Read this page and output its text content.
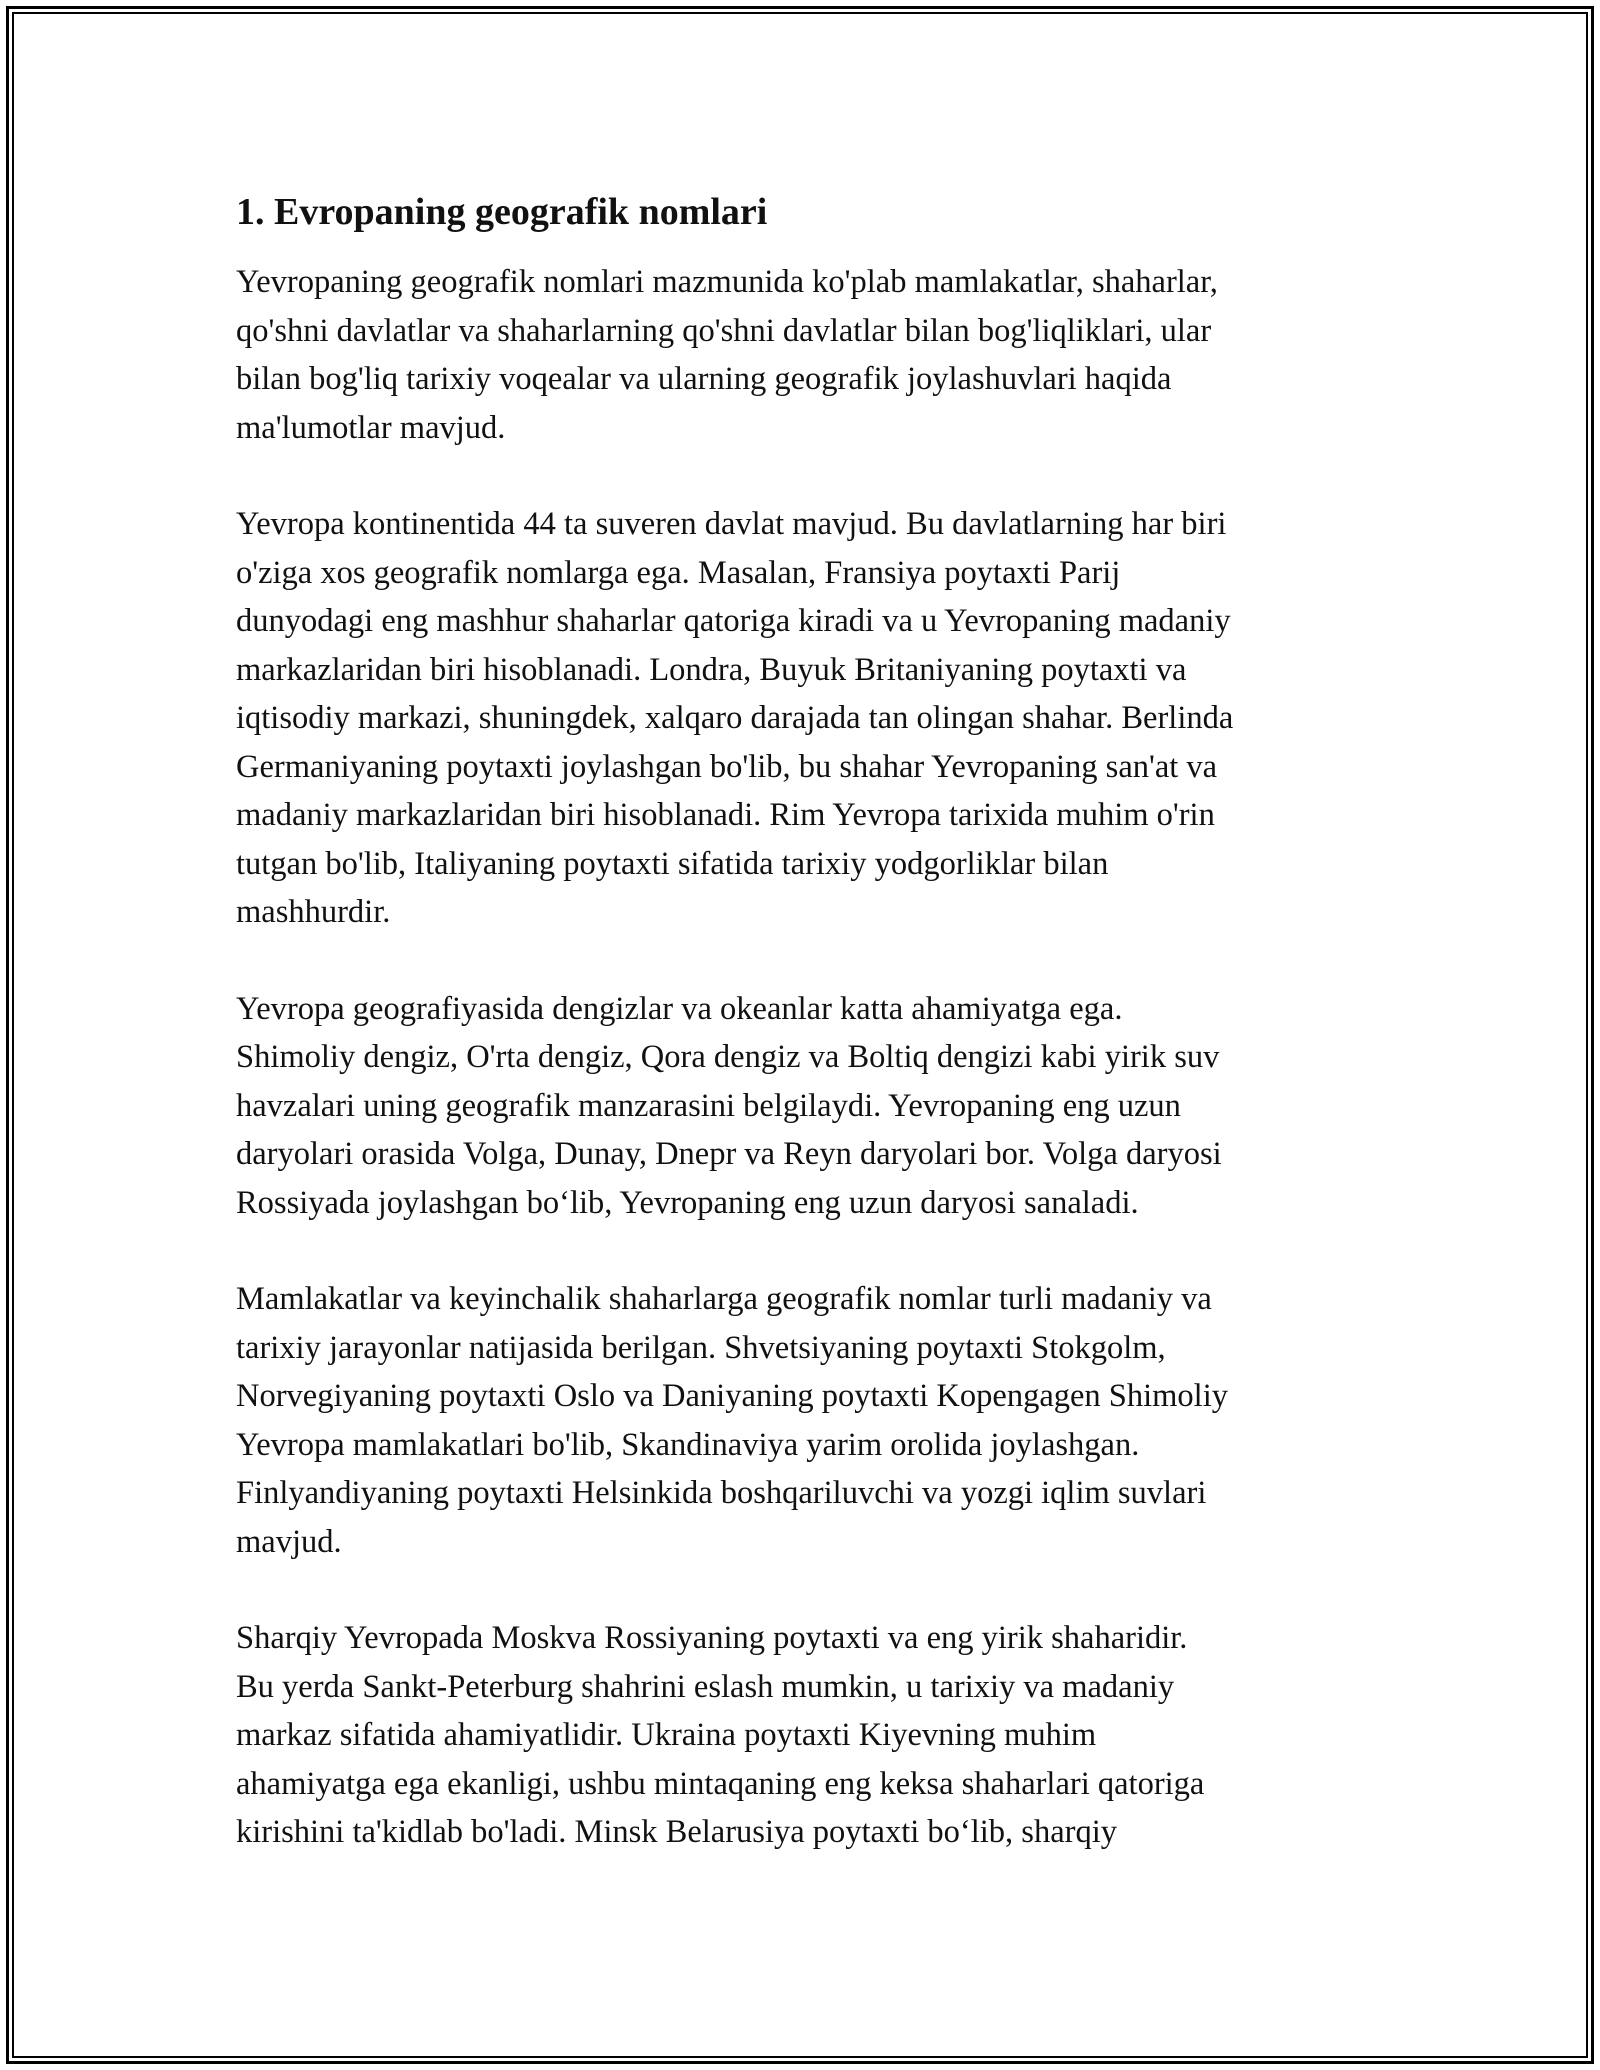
1. Evropaning geografik nomlari

Yevropaning geografik nomlari mazmunida ko'plab mamlakatlar, shaharlar,
qo'shni davlatlar va shaharlarning qo'shni davlatlar bilan bog'liqliklari, ular
bilan bog'liq tarixiy voqealar va ularning geografik joylashuvlari haqida
ma'lumotlar mavjud.

Yevropa kontinentida 44 ta suveren davlat mavjud. Bu davlatlarning har biri
o'ziga xos geografik nomlarga ega. Masalan, Fransiya poytaxti Parij
dunyodagi eng mashhur shaharlar qatoriga kiradi va u Yevropaning madaniy
markazlaridan biri hisoblanadi. Londra, Buyuk Britaniyaning poytaxti va
iqtisodiy markazi, shuningdek, xalqaro darajada tan olingan shahar. Berlinda
Germaniyaning poytaxti joylashgan bo'lib, bu shahar Yevropaning san'at va
madaniy markazlaridan biri hisoblanadi. Rim Yevropa tarixida muhim o'rin
tutgan bo'lib, Italiyaning poytaxti sifatida tarixiy yodgorliklar bilan
mashhurdir.

Yevropa geografiyasida dengizlar va okeanlar katta ahamiyatga ega.
Shimoliy dengiz, O'rta dengiz, Qora dengiz va Boltiq dengizi kabi yirik suv
havzalari uning geografik manzarasini belgilaydi. Yevropaning eng uzun
daryolari orasida Volga, Dunay, Dnepr va Reyn daryolari bor. Volga daryosi
Rossiyada joylashgan bo‘lib, Yevropaning eng uzun daryosi sanaladi.

Mamlakatlar va keyinchalik shaharlarga geografik nomlar turli madaniy va
tarixiy jarayonlar natijasida berilgan. Shvetsiyaning poytaxti Stokgolm,
Norvegiyaning poytaxti Oslo va Daniyaning poytaxti Kopengagen Shimoliy
Yevropa mamlakatlari bo'lib, Skandinaviya yarim orolida joylashgan.
Finlyandiyaning poytaxti Helsinkida boshqariluvchi va yozgi iqlim suvlari
mavjud.

Sharqiy Yevropada Moskva Rossiyaning poytaxti va eng yirik shaharidir.
Bu yerda Sankt-Peterburg shahrini eslash mumkin, u tarixiy va madaniy
markaz sifatida ahamiyatlidir. Ukraina poytaxti Kiyevning muhim
ahamiyatga ega ekanligi, ushbu mintaqaning eng keksa shaharlari qatoriga
kirishini ta'kidlab bo'ladi. Minsk Belarusiya poytaxti bo‘lib, sharqiy
